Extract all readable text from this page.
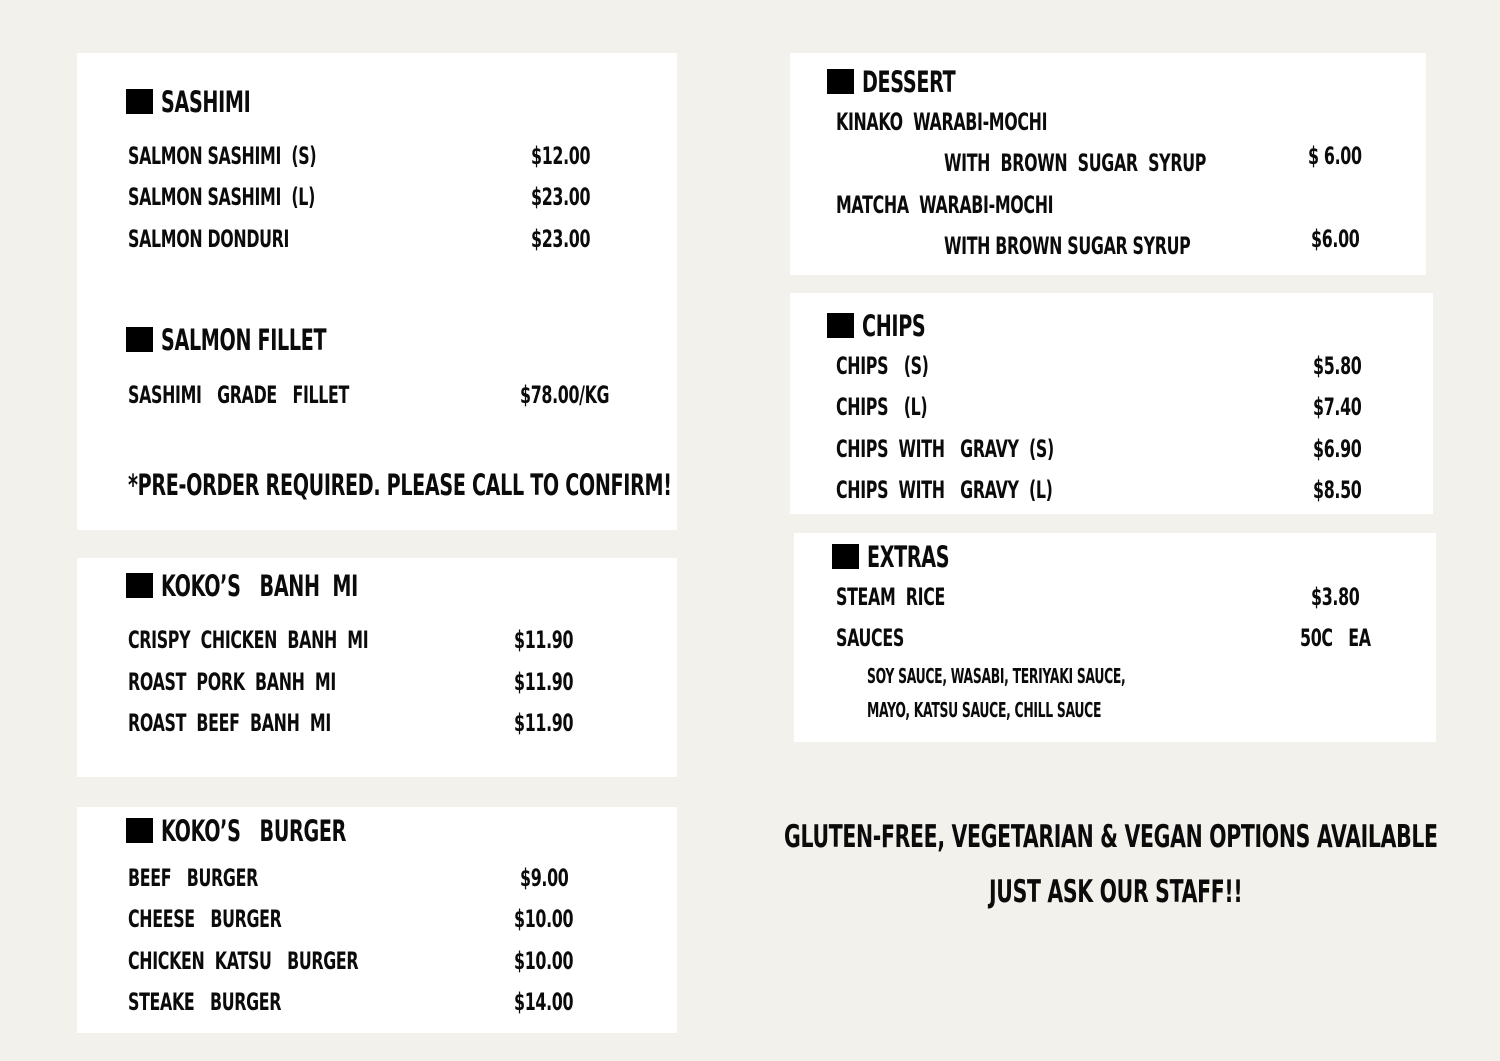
SASHIMI
SALMON SASHIMI  (S)	$12.00
SALMON SASHIMI  (L)	$23.00
SALMON DONDURI	$23.00
SALMON FILLET
SASHIMI   GRADE   FILLET	$78.00/KG
*PRE-ORDER REQUIRED. PLEASE CALL TO CONFIRM!
KOKO’S   BANH  MI
CRISPY  CHICKEN  BANH  MI	$11.90
ROAST  PORK  BANH  MI	$11.90
ROAST  BEEF  BANH  MI	$11.90
KOKO’S   BURGER
BEEF   BURGER	$9.00
CHEESE   BURGER	$10.00
CHICKEN  KATSU   BURGER	$10.00
STEAKE   BURGER	$14.00
DESSERT
KINAKO  WARABI-MOCHI
WITH  BROWN  SUGAR  SYRUP	$ 6.00
MATCHA  WARABI-MOCHI
WITH BROWN SUGAR SYRUP	$6.00
CHIPS
CHIPS   (S)	$5.80
CHIPS   (L)	$7.40
CHIPS  WITH   GRAVY  (S)	$6.90
CHIPS  WITH   GRAVY  (L)	$8.50
EXTRAS
STEAM  RICE	$3.80
SAUCES	50C   EA
SOY SAUCE, WASABI, TERIYAKI SAUCE,
MAYO, KATSU SAUCE, CHILL SAUCE
GLUTEN-FREE, VEGETARIAN & VEGAN OPTIONS AVAILABLE
JUST ASK OUR STAFF!!
